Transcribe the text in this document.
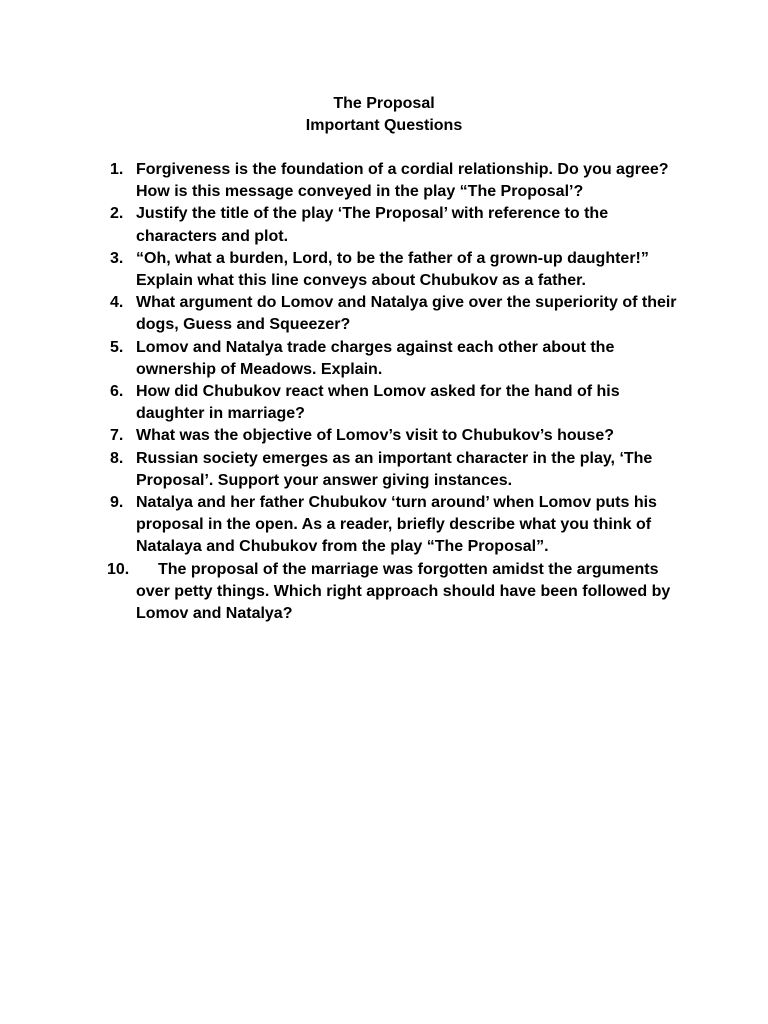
The Proposal
Important Questions
1. Forgiveness is the foundation of a cordial relationship. Do you agree? How is this message conveyed in the play “The Proposal’?
2. Justify the title of the play ‘The Proposal’ with reference to the characters and plot.
3. “Oh, what a burden, Lord, to be the father of a grown-up daughter!” Explain what this line conveys about Chubukov as a father.
4. What argument do Lomov and Natalya give over the superiority of their dogs, Guess and Squeezer?
5. Lomov and Natalya trade charges against each other about the ownership of Meadows. Explain.
6. How did Chubukov react when Lomov asked for the hand of his daughter in marriage?
7. What was the objective of Lomov’s visit to Chubukov’s house?
8. Russian society emerges as an important character in the play, ‘The Proposal’. Support your answer giving instances.
9. Natalya and her father Chubukov ‘turn around’ when Lomov puts his proposal in the open. As a reader, briefly describe what you think of Natalaya and Chubukov from the play “The Proposal”.
10. The proposal of the marriage was forgotten amidst the arguments over petty things. Which right approach should have been followed by Lomov and Natalya?
